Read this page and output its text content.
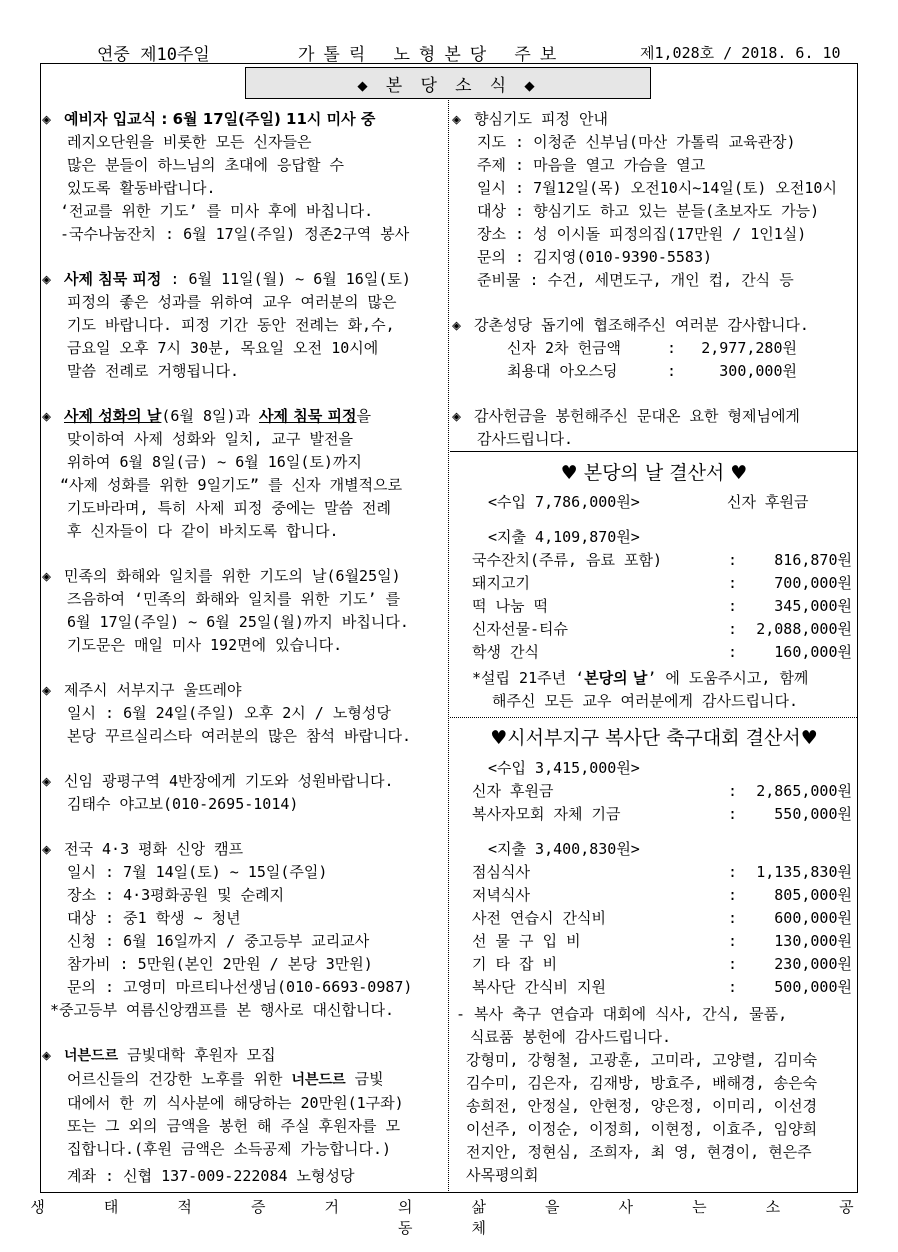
연중 제10주일	가톨릭 노형본당 주보	제1,028호 / 2018. 6. 10
◆ 본 당 소 식 ◆
◈ 예비자 입교식 : 6월 17일(주일) 11시 미사 중
레지오단원을 비롯한 모든 신자들은
많은 분들이 하느님의 초대에 응답할 수
있도록 활동바랍니다.
‘전교를 위한 기도’ 를 미사 후에 바칩니다.
-국수나눔잔치 : 6월 17일(주일) 정존2구역 봉사
◈ 사제 침묵 피정 : 6월 11일(월) ~ 6월 16일(토)
피정의 좋은 성과를 위하여 교우 여러분의 많은
기도 바랍니다. 피정 기간 동안 전례는 화,수,
금요일 오후 7시 30분, 목요일 오전 10시에
말씀 전례로 거행됩니다.
◈ 사제 성화의 날(6월 8일)과 사제 침묵 피정을
맞이하여 사제 성화와 일치, 교구 발전을
위하여 6월 8일(금) ~ 6월 16일(토)까지
“사제 성화를 위한 9일기도” 를 신자 개별적으로
기도바라며, 특히 사제 피정 중에는 말씀 전례
후 신자들이 다 같이 바치도록 합니다.
◈ 민족의 화해와 일치를 위한 기도의 날(6월25일)
즈음하여 ‘민족의 화해와 일치를 위한 기도’ 를
6월 17일(주일) ~ 6월 25일(월)까지 바칩니다.
기도문은 매일 미사 192면에 있습니다.
◈ 제주시 서부지구 울뜨레야
일시 : 6월 24일(주일) 오후 2시 / 노형성당
본당 꾸르실리스타 여러분의 많은 참석 바랍니다.
◈ 신임 광평구역 4반장에게 기도와 성원바랍니다.
김태수 야고보(010-2695-1014)
◈ 전국 4·3 평화 신앙 캠프
일시 : 7월 14일(토) ~ 15일(주일)
장소 : 4·3평화공원 및 순례지
대상 : 중1 학생 ~ 청년
신청 : 6월 16일까지 / 중고등부 교리교사
참가비 : 5만원(본인 2만원 / 본당 3만원)
문의 : 고영미 마르티나선생님(010-6693-0987)
*중고등부 여름신앙캠프를 본 행사로 대신합니다.
◈ 너븐드르 금빛대학 후원자 모집
어르신들의 건강한 노후를 위한 너븐드르 금빛
대에서 한 끼 식사분에 해당하는 20만원(1구좌)
또는 그 외의 금액을 봉헌 해 주실 후원자를 모
집합니다.(후원 금액은 소득공제 가능합니다.)
계좌 : 신협 137-009-222084 노형성당
◈ 향심기도 피정 안내
지도 : 이청준 신부님(마산 가톨릭 교육관장)
주제 : 마음을 열고 가슴을 열고
일시 : 7월12일(목) 오전10시~14일(토) 오전10시
대상 : 향심기도 하고 있는 분들(초보자도 가능)
장소 : 성 이시돌 피정의집(17만원 / 1인1실)
문의 : 김지영(010-9390-5583)
준비물 : 수건, 세면도구, 개인 컵, 간식 등
◈ 강촌성당 돕기에 협조해주신 여러분 감사합니다.
신자 2차 헌금액	:	2,977,280원
최용대 아오스딩	:	300,000원
◈ 감사헌금을 봉헌해주신 문대온 요한 형제님에게
감사드립니다.
♥ 본당의 날 결산서 ♥
<수입 7,786,000원>	신자 후원금
<지출 4,109,870원>
국수잔치(주류, 음료 포함)	:	816,870원
돼지고기	:	700,000원
떡 나눔 떡	:	345,000원
신자선물-티슈	:	2,088,000원
학생 간식	:	160,000원
*설립 21주년 ‘본당의 날’ 에 도움주시고, 함께
해주신 모든 교우 여러분에게 감사드립니다.
♥시서부지구 복사단 축구대회 결산서♥
<수입 3,415,000원>
신자 후원금	:	2,865,000원
복사자모회 자체 기금	:	550,000원
<지출 3,400,830원>
점심식사	:	1,135,830원
저녁식사	:	805,000원
사전 연습시 간식비	:	600,000원
선 물 구 입 비	:	130,000원
기 타 잡 비	:	230,000원
복사단 간식비 지원	:	500,000원
- 복사 축구 연습과 대회에 식사, 간식, 물품,
식료품 봉헌에 감사드립니다.
강형미, 강형철, 고광훈, 고미라, 고양렬, 김미숙
김수미, 김은자, 김재방, 방효주, 배해경, 송은숙
송희전, 안정실, 안현정, 양은정, 이미리, 이선경
이선주, 이정순, 이정희, 이현정, 이효주, 임양희
전지안, 정현심, 조희자, 최 영, 현경이, 현은주
사목평의회
생 태 적 증 거 의 삶 을 사 는 소 공 동 체
